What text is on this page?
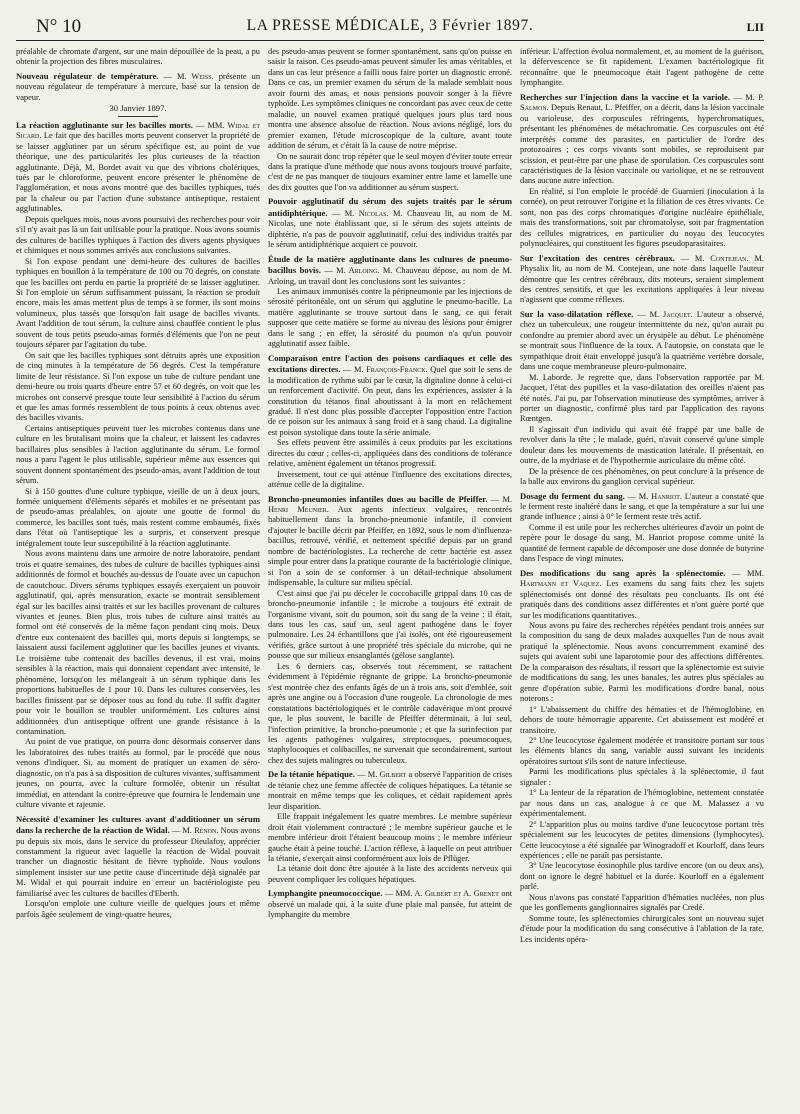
N° 10	LA PRESSE MÉDICALE, 3 Février 1897.	LII

préalable de chromate d'argent, sur une main dépouillée de la peau, a pu obtenir la projection des fibres musculaires.

Nouveau régulateur de température. — M. Weiss. présente un nouveau régulateur de température à mercure, basé sur la tension de vapeur.

30 Janvier 1897.

La réaction agglutinante sur les bacilles morts. — MM. Widal et Sicard. Le fait que des bacilles morts peuvent conserver la propriété de se laisser agglutiner par un sérum spécifique est, au point de vue théorique, une des particularités les plus curieuses de la réaction agglutinante. Déjà, M. Bordet avait vu que des vibrions cholériques, tués par le chloroforme, peuvent encore présenter le phénomène de l'agglomération, et nous avons montré que des bacilles typhiques, tués par la chaleur ou par l'action d'une substance antiseptique, restaient agglutinables.

Depuis quelques mois, nous avons poursuivi des recherches pour voir s'il n'y avait pas là un fait utilisable pour la pratique. Nous avons soumis des cultures de bacilles typhiques à l'action des divers agents physiques et chimiques et nous sommes arrivés aux conclusions suivantes.

Si l'on expose pendant une demi-heure des cultures de bacilles typhiques en bouillon à la température de 100 ou 70 degrés, on constate que les bacilles ont perdu en partie la propriété de se laisser agglutiner. Si l'on emploie un sérum suffisamment puissant, la réaction se produit encore, mais les amas mettent plus de temps à se former, ils sont moins volumineux, plus tassés que lorsqu'on fait usage de bacilles vivants. Avant l'addition de tout sérum, la culture ainsi chauffée contient le plus souvent de tous petits pseudo-amas formés d'éléments que l'on ne peut toujours séparer par l'agitation du tube.

On sait que les bacilles typhiques sont détruits après une exposition de cinq minutes à la température de 56 degrés. C'est la température limite de leur résistance. Si l'on expose un tube de culture pendant une demi-heure ou trois quarts d'heure entre 57 et 60 degrés, on voit que les microbes ont conservé presque toute leur sensibilité à l'action du sérum et que les amas formés ressemblent de tous points à ceux obtenus avec des bacilles vivants.

Certains antiseptiques peuvent tuer les microbes contenus dans une culture en les brutalisant moins que la chaleur, et laissent les cadavres bacillaires plus sensibles à l'action agglutinante du sérum. Le formol nous a paru l'agent le plus utilisable, supérieur même aux essences qui souvent donnent spontanément des pseudo-amas, avant l'addition de tout sérum.

Si à 150 gouttes d'une culture typhique, vieille de un à deux jours, formée uniquement d'éléments séparés et mobiles et ne présentant pas de pseudo-amas préalables, on ajoute une goutte de formol du commerce, les bacilles sont tués, mais restent comme embaumés, fixés dans l'état où l'antiseptique les a surpris, et conservent presque intégralement toute leur susceptibilité à la réaction agglutinante.

Nous avons maintenu dans une armoire de notre laboratoire, pendant trois et quatre semaines, des tubes de culture de bacilles typhiques ainsi additionnés de formol et bouchés au-dessus de l'ouate avec un capuchon de caoutchouc. Divers sérums typhiques essayés exerçaient un pouvoir agglutinatif, qui, après mensuration, exacte se montrait sensiblement égal sur les bacilles ainsi traités et sur les bacilles provenant de cultures vivantes et jeunes. Bien plus, trois tubes de culture ainsi traités au formol ont été conservés de la même façon pendant cinq mois. Deux d'entre eux contenaient des bacilles qui, morts depuis si longtemps, se laissaient aussi facilement agglutiner que les bacilles jeunes et vivants. Le troisième tube contenait des bacilles devenus, il est vrai, moins sensibles à la réaction, mais qui donnaient cependant avec intensité, le phénomène, lorsqu'on les mélangeait à un sérum typhique dans les proportions habituelles de 1 pour 10. Dans les cultures conservées, les bacilles finissent par se déposer tous au fond du tube. Il suffit d'agiter pour voir le bouillon se troubler uniformément. Les cultures ainsi additionnées d'un antiseptique offrent une grande résistance à la contamination.

Au point de vue pratique, on pourra donc désormais conserver dans les laboratoires des tubes traités au formol, par le procédé que nous venons d'indiquer. Si, au moment de pratiquer un examen de séro-diagnostic, on n'a pas à sa disposition de cultures vivantes, suffisamment jeunes, on pourra, avec la culture formolée, obtenir un résultat immédiat, en attendant la contre-épreuve que fournira le lendemain une culture vivante et rajeunie.

Nécessité d'examiner les cultures avant d'additionner un sérum dans la recherche de la réaction de Widal. — M. Rénon. Nous avons pu depuis six mois, dans le service du professeur Dieulafoy, apprécier constamment la rigueur avec laquelle la réaction de Widal pouvait trancher un diagnostic hésitant de fièvre typhoïde. Nous voulons simplement insister sur une petite cause d'incertitude déjà signalée par M. Widal et qui pourrait induire en erreur un bactériologiste peu familiarisé avec les cultures de bacilles d'Eberth.

Lorsqu'on emploie une culture vieille de quelques jours et même parfois âgée seulement de vingt-quatre heures,

des pseudo-amas peuvent se former spontanément, sans qu'on puisse en saisir la raison. Ces pseudo-amas peuvent simuler les amas véritables, et dans un cas leur présence a failli nous faire porter un diagnostic erroné. Dans ce cas, un premier examen du sérum de la malade semblait nous avoir fourni des amas, et nous pensions pouvoir songer à la fièvre typhoïde. Les symptômes cliniques ne concordant pas avec ceux de cette maladie, un nouvel examen pratiqué quelques jours plus tard nous montra une absence absolue de réaction. Nous avions négligé, lors du premier examen, l'étude microscopique de la culture, avant toute addition de sérum, et c'était là la cause de notre méprise.

On ne saurait donc trop répéter que le seul moyen d'éviter toute erreur dans la pratique d'une méthode que nous avons toujours trouvé parfaite, c'est de ne pas manquer de toujours examiner entre lame et lamelle une des dix gouttes que l'on va additionner au sérum suspect.

Pouvoir agglutinatif du sérum des sujets traités par le sérum antidiphtérique. — M. Nicolas. M. Chauveau lit, au nom de M. Nicolas, une note établissant que, si le sérum des sujets atteints de diphtérie, n'a pas de pouvoir agglutinatif, celui des individus traités par le sérum antidiphtérique acquiert ce pouvoir.

Étude de la matière agglutinante dans les cultures de pneumo-bacillus bovis. — M. Arloing. M. Chauveau dépose, au nom de M. Arloing, un travail dont les conclusions sont les suivantes :

Les animaux immunisés contre la péripneumonie par les injections de sérosité péritonéale, ont un sérum qui agglutine le pneumo-bacille. La matière agglutinante se trouve surtout dans le sang, ce qui ferait supposer que cette matière se forme au niveau des lésions pour émigrer dans le sang ; en effet, la sérosité du poumon n'a qu'un pouvoir agglutinatif assez faible.

Comparaison entre l'action des poisons cardiaques et celle des excitations directes. — M. François-Franck. Quel que soit le sens de la modification de rythme subi par le cœur, la digitaline donne à celui-ci un renforcement d'activité. On peut, dans les expériences, assister à la constitution du tétanos final aboutissant à la mort en relâchement gradué. Il n'est donc plus possible d'accepter l'opposition entre l'action de ce poison sur les animaux à sang froid et à sang chaud. La digitaline est poison systolique dans toute la série animale.

Ses effets peuvent être assimilés à ceux produits par les excitations directes du cœur ; celles-ci, appliquées dans des conditions de tolérance relative, amènent également un tétanos progressif.

Inversement, tout ce qui atténue l'influence des excitations directes, atténue celle de la digitaline.

Broncho-pneumonies infantiles dues au bacille de Pfeiffer. — M. Henri Meunier. Aux agents infectieux vulgaires, rencontrés habituellement dans la broncho-pneumonie infantile, il convient d'ajouter le bacille décrit par Pfeiffer, en 1892, sous le nom d'influenza-bacillus, retrouvé, vérifié, et nettement spécifié depuis par un grand nombre de bactériologistes. La recherche de cette bactérie est assez simple pour entrer dans la pratique courante de la bactériologie clinique, si l'on a soin de se conformer à un détail-technique absolument indispensable, la culture sur milieu spécial.

C'est ainsi que j'ai pu déceler le coccobacille grippal dans 10 cas de broncho-pneumonie infantile ; le microbe a toujours été extrait de l'organisme vivant, soit du poumon, soit du sang de la veine ; il était, dans tous les cas, sauf un, seul agent pathogène dans le foyer pulmonaire. Les 24 échantillons que j'ai isolés, ont été rigoureusement vérifiés, grâce surtout à une propriété très spéciale du microbe, qui ne pousse que sur milieux ensanglantés (gélose sanglante).

Les 6 derniers cas, observés tout récemment, se rattachent évidemment à l'épidémie régnante de grippe. La broncho-pneumonie s'est montrée chez des enfants âgés de un à trois ans, soit d'emblée, soit après une angine ou à l'occasion d'une rougeole. La chronologie de mes constatations bactériologiques et le contrôle cadavérique m'ont prouvé que, le plus souvent, le bacille de Pfeiffer déterminait, à lui seul, l'infection primitive, la broncho-pneumonie ; et que la surinfection par les agents pathogènes vulgaires, streptocoques, pneumocoques, staphylocoques et colibacilles, ne survenait que secondairement, surtout chez des sujets malingres ou tuberculeux.

De la tétanie hépatique. — M. Gilbert a observé l'apparition de crises de tétanie chez une femme affectée de coliques hépatiques. La tétanie se montrait en même temps que les coliques, et cédait rapidement après leur disparition.

Elle frappait inégalement les quatre membres. Le membre supérieur droit était violemment contracturé ; le membre supérieur gauche et le membre inférieur droit l'étaient beaucoup moins ; le membre inférieur gauche était à peine touché. L'action réflexe, à laquelle on peut attribuer la tétanie, s'exerçait ainsi conformément aux lois de Pflüger.

La tétanie doit donc être ajoutée à la liste des accidents nerveux qui peuvent compliquer les coliques hépatiques.

Lymphangite pneumococcique. — MM. A. Gilbert et A. Grenet ont observé un malade qui, à la suite d'une plaie mal pansée, fut atteint de lymphangite du membre

inférieur. L'affection évolua normalement, et, au moment de la guérison, la défervescence se fit rapidement. L'examen bactériologique fit reconnaître que le pneumocoque était l'agent pathogène de cette lymphangite.

Recherches sur l'injection dans la vaccine et la variole. — M. P. Salmon. Depuis Renaut, L. Pfeiffer, on a décrit, dans la lésion vaccinale ou varioleuse, des corpuscules réfringents, hyperchromatiques, présentant les phénomènes de métachromatie. Ces corpuscules ont été interprétés comme des parasites, en particulier de l'ordre des protozoaires ; ces corps vivants sont mobiles, se reproduisent par scission, et peut-être par une phase de sporulation. Ces corpuscules sont caractéristiques de la lésion vaccinale ou variolique, et ne se retrouvent dans aucune autre infection.

En réalité, si l'on emploie le procédé de Guarnieri (inoculation à la cornée), on peut retrouver l'origine et la filiation de ces êtres vivants. Ce sont, non pas des corps chromatiques d'origine nucléaire épithéliale, mais des transformations, soit par chromatolyse, soit par fragmentation des cellules migratrices, en particulier du noyau des leucocytes polynucléaires, qui constituent les figures pseudoparasitaires.

Sur l'excitation des centres cérébraux. — M. Contejean. M. Physalix lit, au nom de M. Contejean, une note dans laquelle l'auteur démontre que les centres cérébraux, dits moteurs, seraient simplement des centres sensitifs, et que les excitations appliquées à leur niveau n'agissent que comme réflexes.

Sur la vaso-dilatation réflexe. — M. Jacquet. L'auteur a observé, chez un tuberculeux, une rougeur intermittente du nez, qu'on aurait pu confondre au premier abord avec un érysipèle au début. Le phénomène se montrait sous l'influence de la toux. A l'autopsie, on constata que le sympathique droit était enveloppé jusqu'à la quatrième vertèbre dorsale, dans une coque membraneuse pleuro-pulmonaire.

M. Laborde. Je regrette que, dans l'observation rapportée par M. Jacquet, l'état des pupilles et la vaso-dilatation des oreilles n'aient pas été notés. J'ai pu, par l'observation minutieuse des symptômes, arriver à porter un diagnostic, confirmé plus tard par l'application des rayons Rœntgen.

Il s'agissait d'un individu qui avait été frappé par une balle de revolver dans la tête ; le malade, guéri, n'avait conservé qu'une simple douleur dans les mouvements de mastication latérale. Il présentait, en outre, de la mydriase et de l'hypothermie auriculaire du même côté.

De la présence de ces phénomènes, on peut conclure à la présence de la balle aux environs du ganglion cervical supérieur.

Dosage du ferment du sang. — M. Hanriot. L'auteur a constaté que le ferment reste inaltéré dans le sang, et que la température a sur lui une grande influence ; ainsi à 0° le ferment reste très actif.

Comme il est utile pour les recherches ultérieures d'avoir un point de repère pour le dosage du sang, M. Hanriot propose comme unité la quantité de ferment capable de décomposer une dose donnée de butyrine dans l'espace de vingt minutes.

Des modifications du sang après la splénectomie. — MM. Hartmann et Vaquez. Les examens du sang faits chez les sujets splénectomisés ont donné des résultats peu concluants. Ils ont été pratiqués dans des conditions assez différentes et n'ont guère porté que sur les modifications quantitatives.

Nous avons pu faire des recherches répétées pendant trois années sur la composition du sang de deux malades auxquelles l'un de nous avait pratiqué la splénectomie. Nous avons concurremment examiné des sujets qui avaient subi une laparotomie pour des affections différentes. De la comparaison des résultats, il ressort que la splénectomie est suivie de modifications du sang, les unes banales, les autres plus spéciales au genre d'opération subie. Parmi les modifications d'ordre banal, nous noterons :

1° L'abaissement du chiffre des hématies et de l'hémoglobine, en dehors de toute hémorragie apparente. Cet abaissement est modéré et transitoire.

2° Une leucocytose également modérée et transitoire portant sur tous les éléments blancs du sang, variable aussi suivant les incidents opératoires surtout s'ils sont de nature infectieuse.

Parmi les modifications plus spéciales à la splénectomie, il faut signaler :

1° La lenteur de la réparation de l'hémoglobine, nettement constatée par nous dans un cas, analogue à ce que M. Malassez a vu expérimentalement.

2° L'apparition plus ou moins tardive d'une leucocytose portant très spécialement sur les leucocytes de petites dimensions (lymphocytes). Cette leucocytose a été signalée par Winogradoff et Kourloff, dans leurs expériences ; elle ne paraît pas persistante.

3° Une leucocytose éosinophile plus tardive encore (un ou deux ans), dont on ignore le degré habituel et la durée. Kourloff en a également parlé.

Nous n'avons pas constaté l'apparition d'hématies nucléées, non plus que les gonflements ganglionnaires signalés par Credé.

Somme toute, les splénectomies chirurgicales sont un nouveau sujet d'étude pour la modification du sang consécutive à l'ablation de la rate. Les incidents opéra-
